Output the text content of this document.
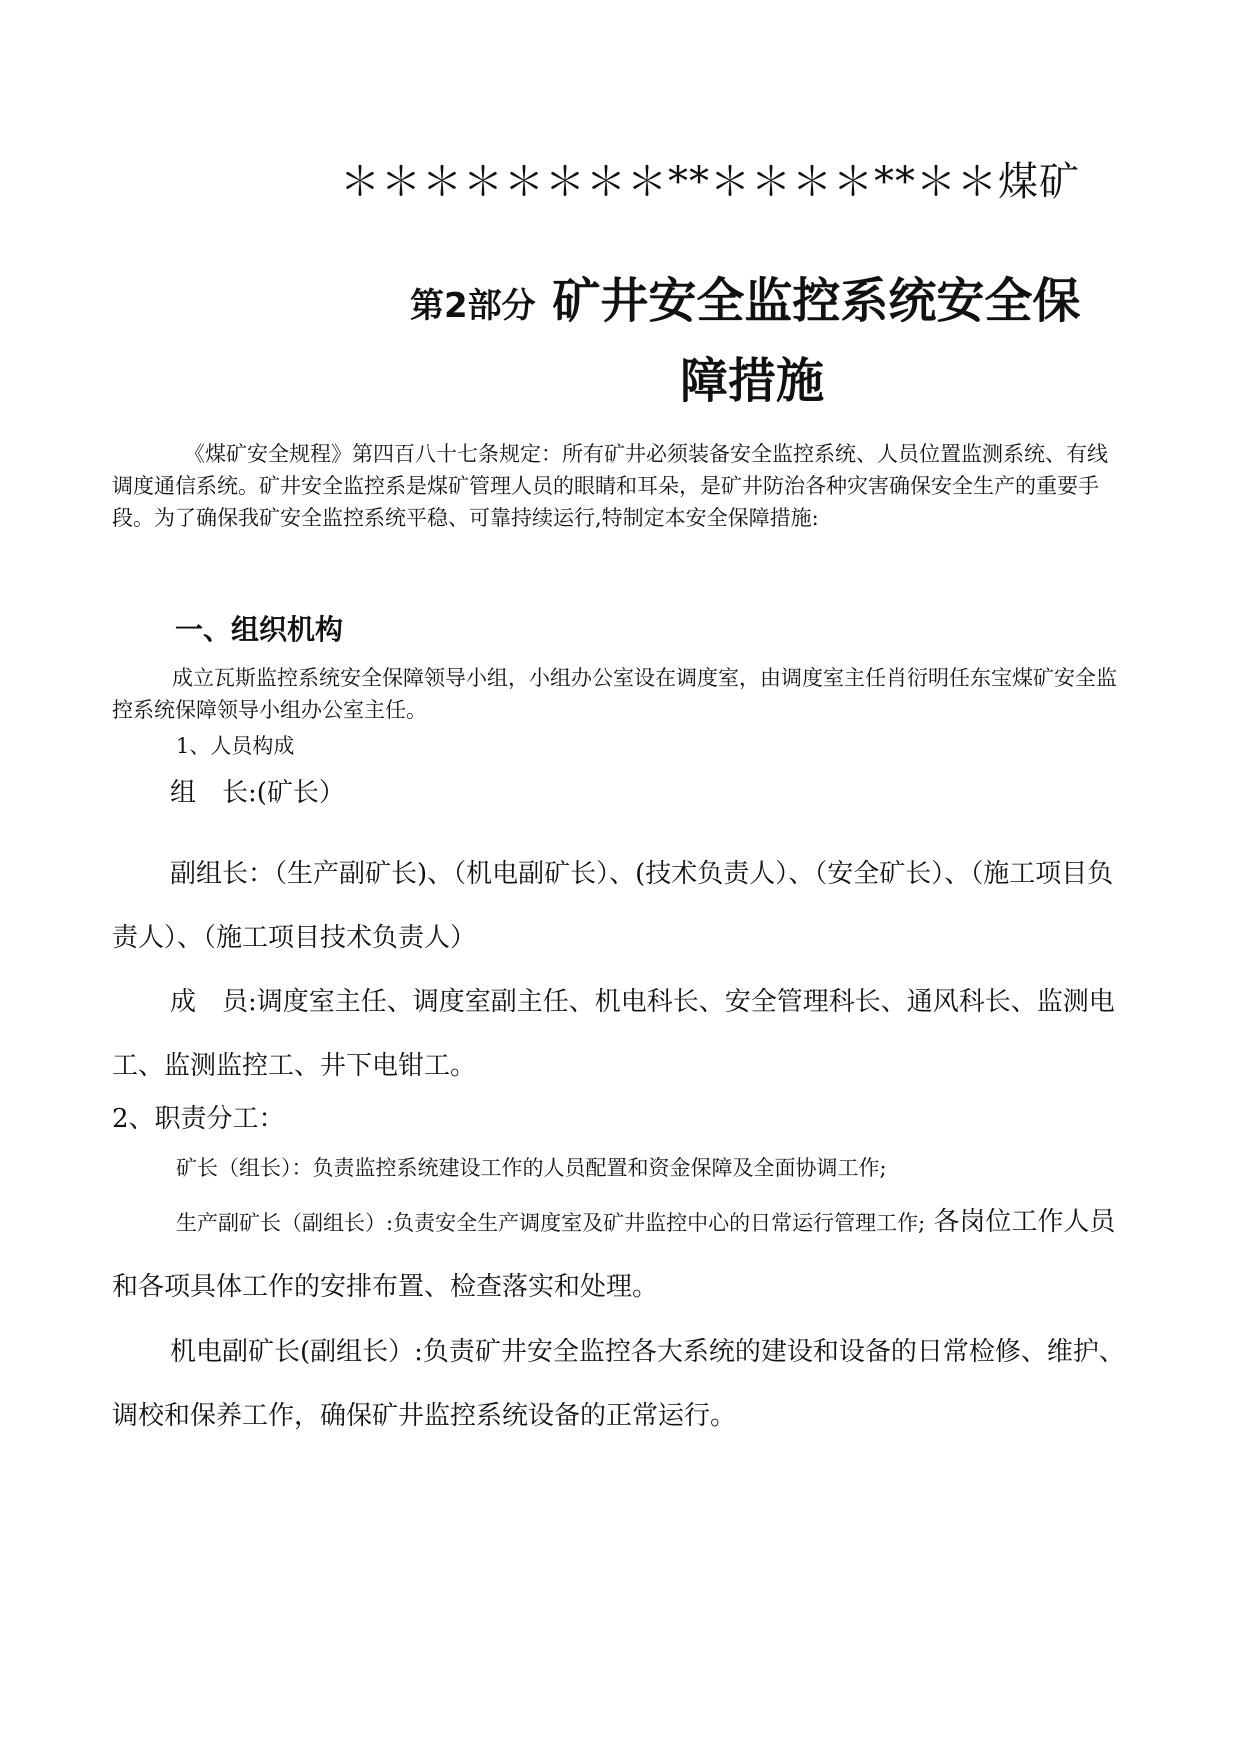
＊＊＊＊＊＊＊＊**＊＊＊＊**＊＊煤矿
第2部分 矿井安全监控系统安全保
障措施
《煤矿安全规程》第四百八十七条规定：所有矿井必须装备安全监控系统、人员位置监测系统、有线调度通信系统。矿井安全监控系是煤矿管理人员的眼睛和耳朵，是矿井防治各种灾害确保安全生产的重要手段。为了确保我矿安全监控系统平稳、可靠持续运行,特制定本安全保障措施:
一、组织机构
成立瓦斯监控系统安全保障领导小组，小组办公室设在调度室，由调度室主任肖衍明任东宝煤矿安全监控系统保障领导小组办公室主任。
1、人员构成
组　长:(矿长）
副组长：（生产副矿长)、（机电副矿长）、(技术负责人）、（安全矿长）、（施工项目负责人）、（施工项目技术负责人）
成　员:调度室主任、调度室副主任、机电科长、安全管理科长、通风科长、监测电工、监测监控工、井下电钳工。
2、职责分工：
矿长（组长）：负责监控系统建设工作的人员配置和资金保障及全面协调工作;
生产副矿长（副组长）:负责安全生产调度室及矿井监控中心的日常运行管理工作; 各岗位工作人员和各项具体工作的安排布置、检查落实和处理。
机电副矿长(副组长）:负责矿井安全监控各大系统的建设和设备的日常检修、维护、调校和保养工作，确保矿井监控系统设备的正常运行。
